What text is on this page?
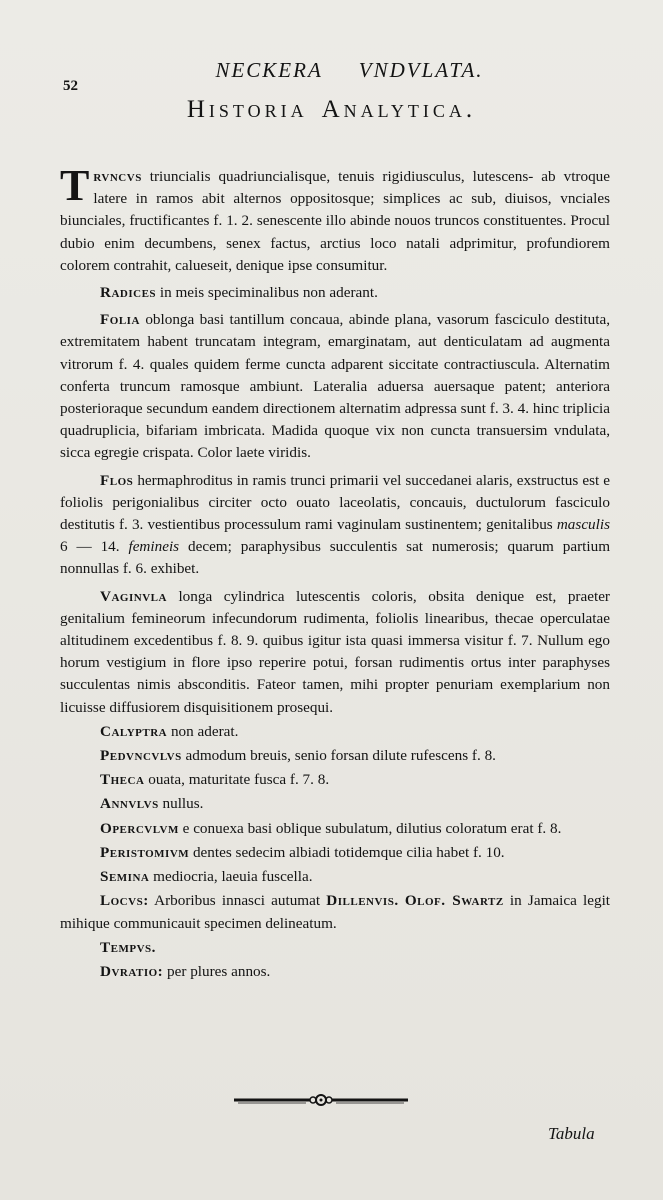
52
NECKERA VNDVLATA.
Historia Analytica.

Trvncvs triuncialis quadriuncialisque, tenuis rigidiusculus, lutescens- ab vtroque latere in ramos abit alternos oppositosque; simplices ac sub, diuisos, vnciales biunciales, fructificantes f. 1. 2. senescente illo abinde nouos truncos constituentes. Procul dubio enim decumbens, senex factus, arctius loco natali adprimitur, profundiorem colorem contrahit, calueseit, denique ipse consumitur.

Radices in meis speciminalibus non aderant.

Folia oblonga basi tantillum concaua, abinde plana, vasorum fasciculo destituta, extremitatem habent truncatam integram, emarginatam, aut denticulatam ad augmenta vitrorum f. 4. quales quidem ferme cuncta adparent siccitate contractiuscula. Alternatim conferta truncum ramosque ambiunt. Lateralia aduersa auersaque patent; anteriora posterioraque secundum eandem directionem alternatim adpressa sunt f. 3. 4. hinc triplicia quadruplicia, bifariam imbricata. Madida quoque vix non cuncta transuersim vndulata, sicca egregie crispata. Color laete viridis.

Flos hermaphroditus in ramis trunci primarii vel succedanei alaris, exstructus est e foliolis perigonialibus circiter octo ouato laceolatis, concauis, ductulorum fasciculo destitutis f. 3. vestientibus processulum rami vaginulam sustinentem; genitalibus masculis 6 — 14. femineis decem; paraphysibus succulentis sat numerosis; quarum partium nonnullas f. 6. exhibet.

Vaginvla longa cylindrica lutescentis coloris, obsita denique est, praeter genitalium femineorum infecundorum rudimenta, foliolis linearibus, thecae operculatae altitudinem excedentibus f. 8. 9. quibus igitur ista quasi immersa visitur f. 7. Nullum ego horum vestigium in flore ipso reperire potui, forsan rudimentis ortus inter paraphyses succulentas nimis absconditis. Fateor tamen, mihi propter penuriam exemplarium non licuisse diffusiorem disquisitionem prosequi.

Calyptra non aderat.

Pedvncvlvs admodum breuis, senio forsan dilute rufescens f. 8.

Theca ouata, maturitate fusca f. 7. 8.

Annvlvs nullus.

Opercvlvm e conuexa basi oblique subulatum, dilutius coloratum erat f. 8.

Peristomivm dentes sedecim albiadi totidemque cilia habet f. 10.

Semina mediocria, laeuia fuscella.

Locvs: Arboribus innasci autumat Dillenvis. Olof. Swartz in Jamaica legit mihique communicauit specimen delineatum.

Tempvs.

Dvratio: per plures annos.

Tabula
